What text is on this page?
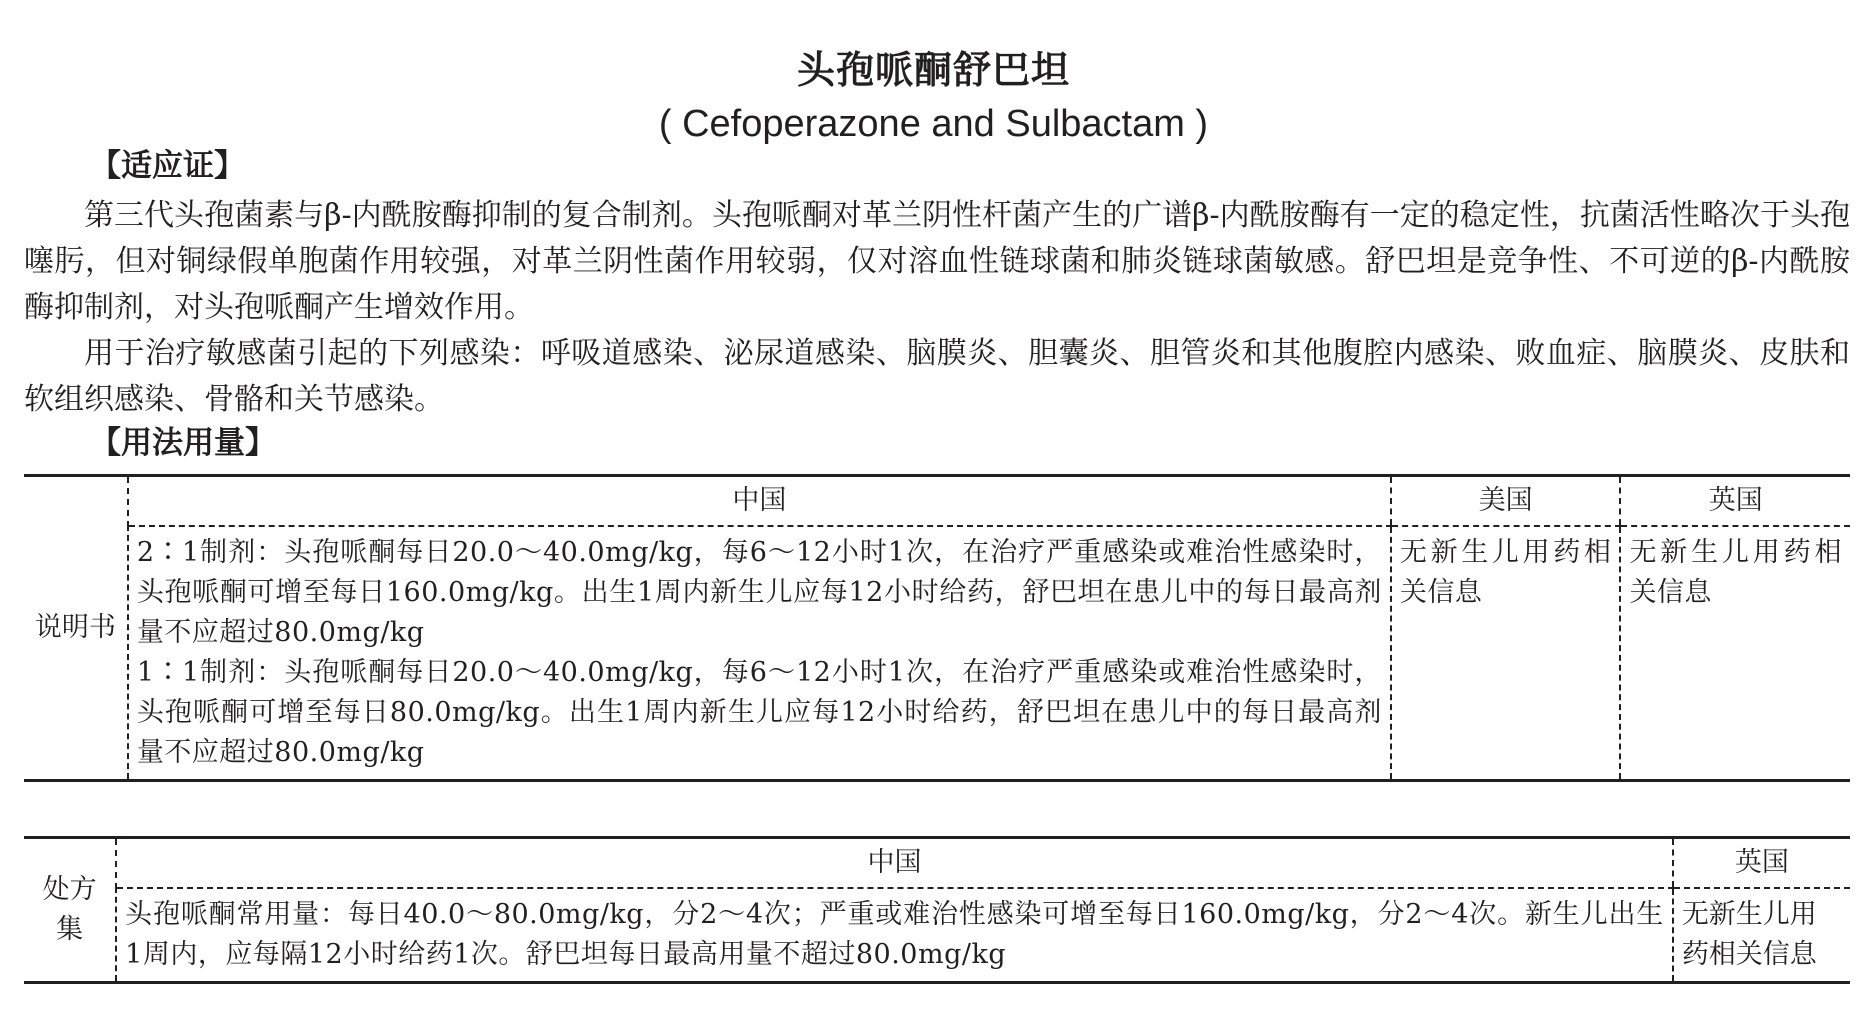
头孢哌酮舒巴坦
( Cefoperazone and Sulbactam )
【适应证】

第三代头孢菌素与β-内酰胺酶抑制的复合制剂。头孢哌酮对革兰阴性杆菌产生的广谱β-内酰胺酶有一定的稳定性，抗菌活性略次于头孢噻肟，但对铜绿假单胞菌作用较强，对革兰阴性菌作用较弱，仅对溶血性链球菌和肺炎链球菌敏感。舒巴坦是竞争性、不可逆的β-内酰胺酶抑制剂，对头孢哌酮产生增效作用。

用于治疗敏感菌引起的下列感染：呼吸道感染、泌尿道感染、脑膜炎、胆囊炎、胆管炎和其他腹腔内感染、败血症、脑膜炎、皮肤和软组织感染、骨骼和关节感染。

【用法用量】
说明书	中国	美国	英国

	2∶1制剂：头孢哌酮每日20.0～40.0mg/kg，每6～12小时1次，在治疗严重感染或难治性感染时，头孢哌酮可增至每日160.0mg/kg。出生1周内新生儿应每12小时给药，舒巴坦在患儿中的每日最高剂量不应超过80.0mg/kg
1∶1制剂：头孢哌酮每日20.0～40.0mg/kg，每6～12小时1次，在治疗严重感染或难治性感染时，头孢哌酮可增至每日80.0mg/kg。出生1周内新生儿应每12小时给药，舒巴坦在患儿中的每日最高剂量不应超过80.0mg/kg	无新生儿用药相关信息	无新生儿用药相关信息
处方集	中国	英国
	头孢哌酮常用量：每日40.0～80.0mg/kg，分2～4次；严重或难治性感染可增至每日160.0mg/kg，分2～4次。新生儿出生1周内，应每隔12小时给药1次。舒巴坦每日最高用量不超过80.0mg/kg	无新生儿用药相关信息
